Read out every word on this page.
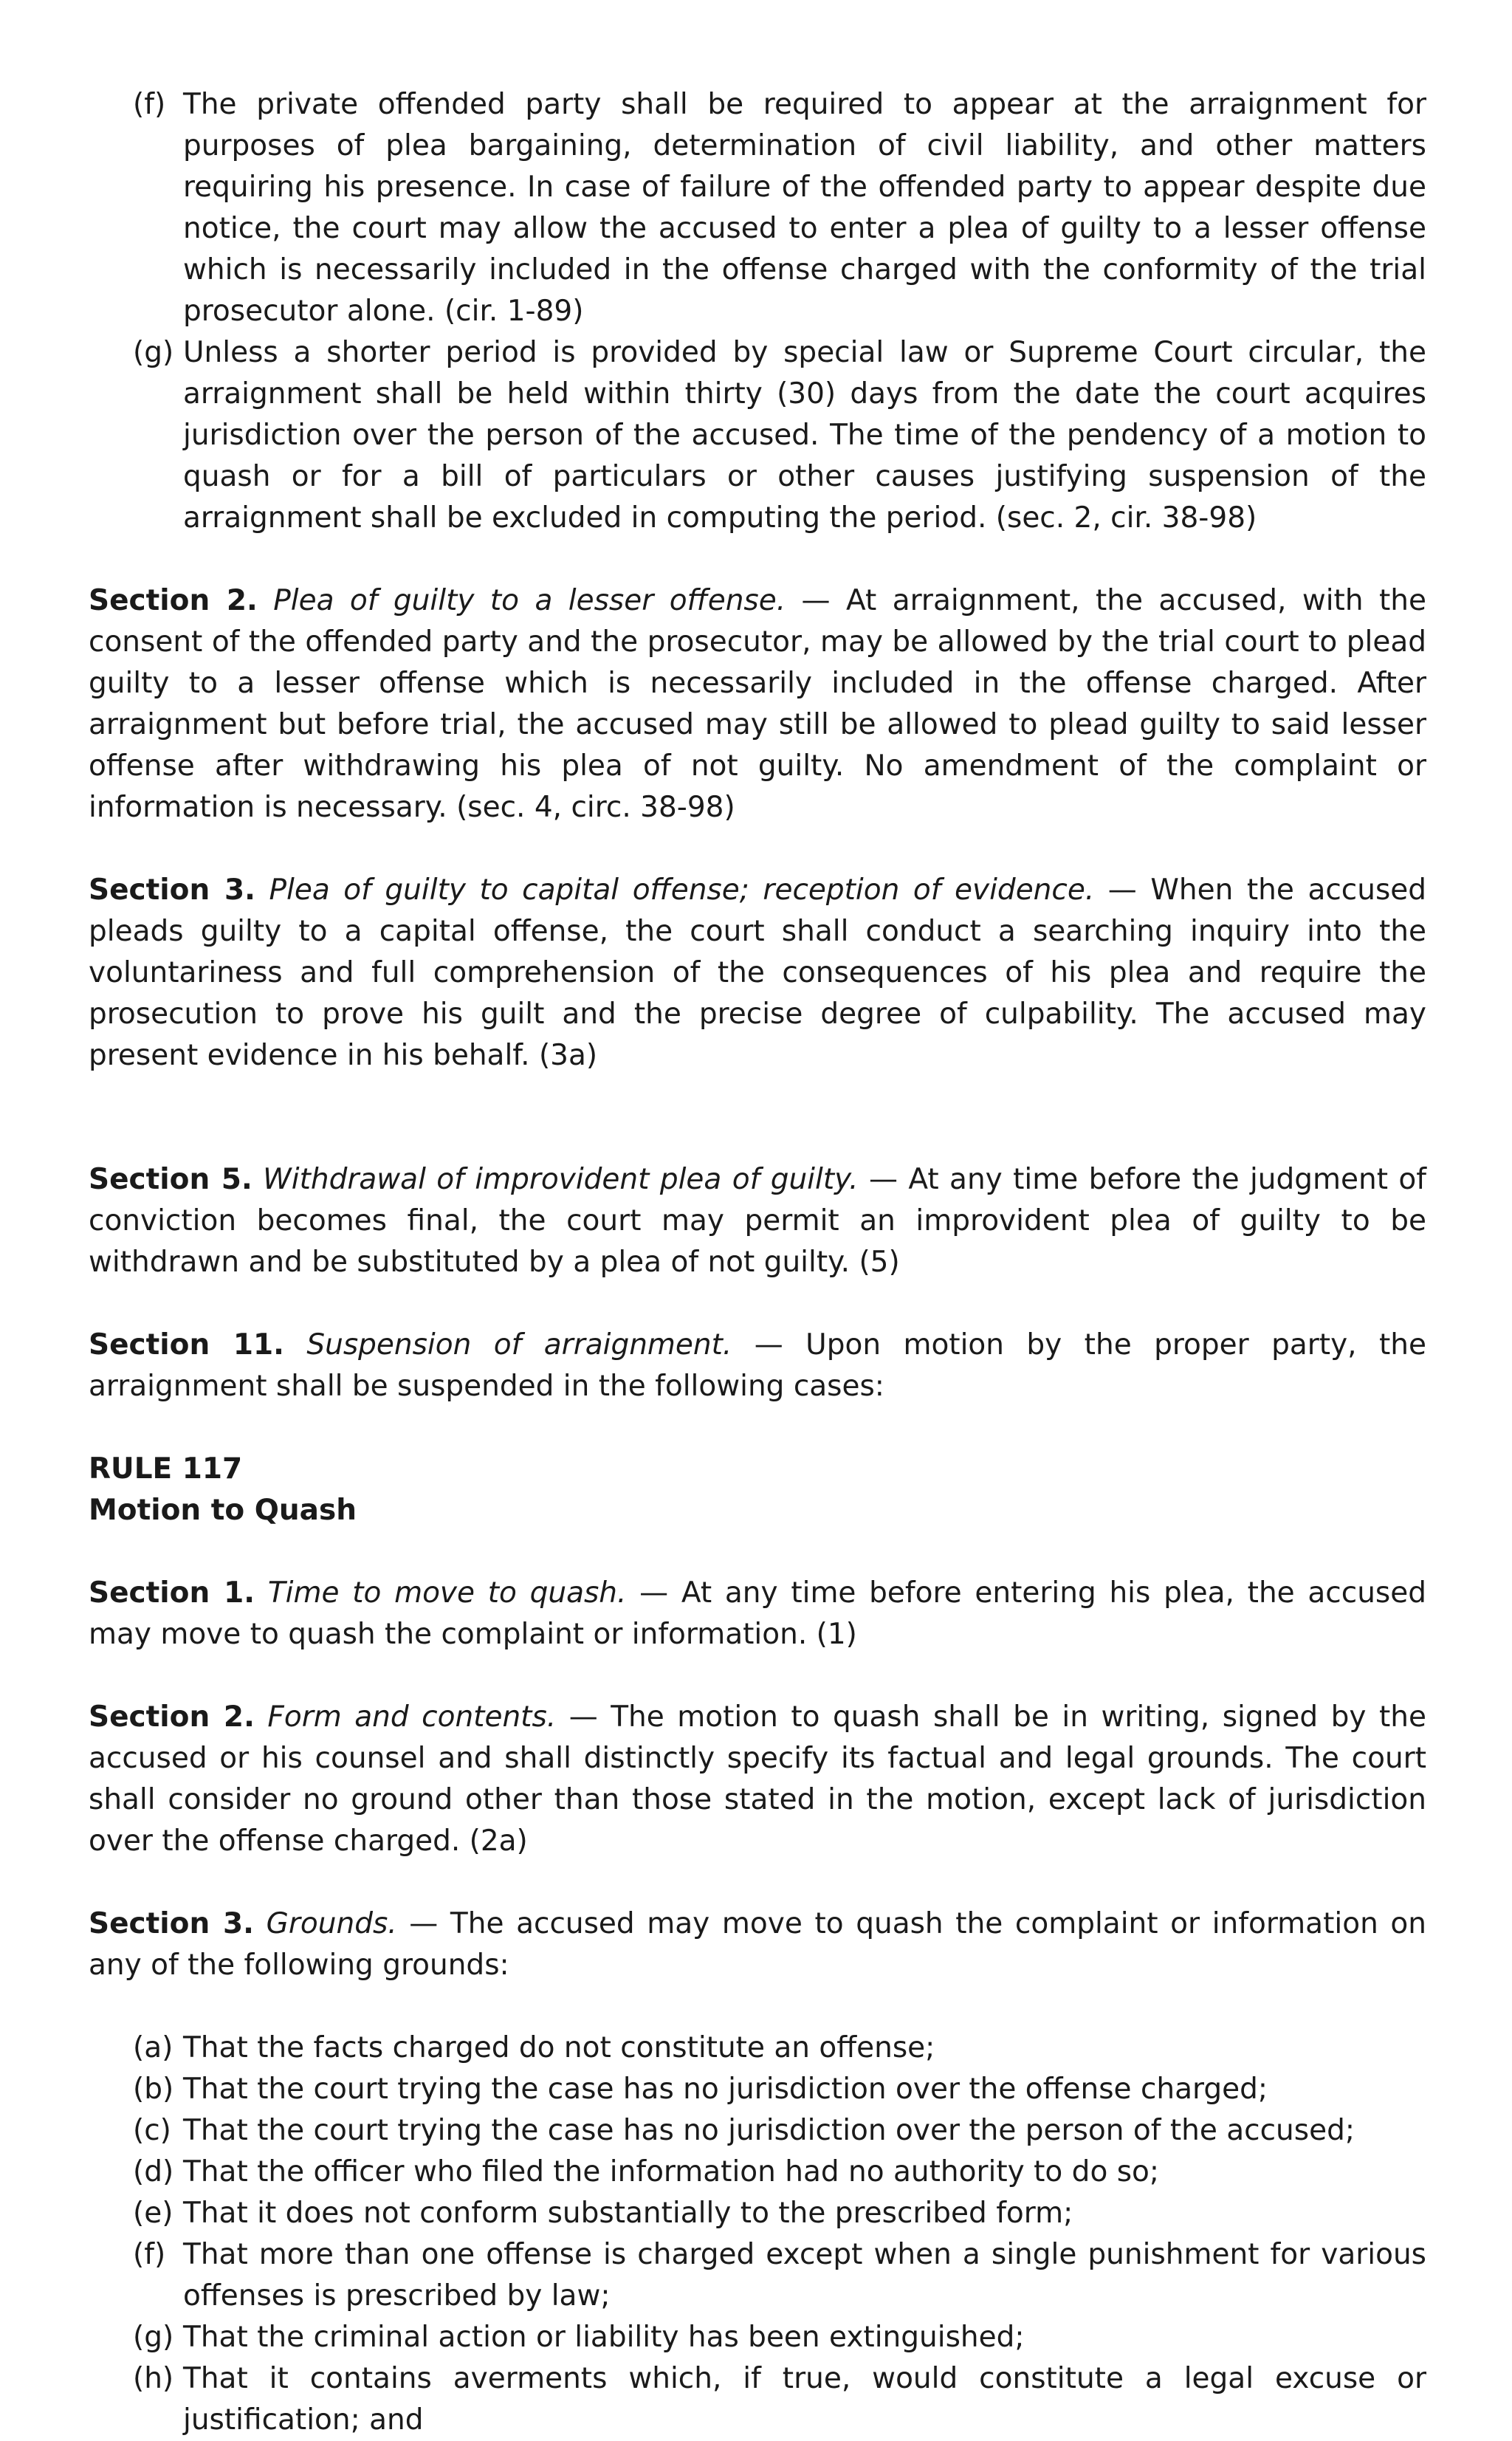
(f) The private offended party shall be required to appear at the arraignment for purposes of plea bargaining, determination of civil liability, and other matters requiring his presence. In case of failure of the offended party to appear despite due notice, the court may allow the accused to enter a plea of guilty to a lesser offense which is necessarily included in the offense charged with the conformity of the trial prosecutor alone. (cir. 1-89)
(g) Unless a shorter period is provided by special law or Supreme Court circular, the arraignment shall be held within thirty (30) days from the date the court acquires jurisdiction over the person of the accused. The time of the pendency of a motion to quash or for a bill of particulars or other causes justifying suspension of the arraignment shall be excluded in computing the period. (sec. 2, cir. 38-98)

Section 2. Plea of guilty to a lesser offense. — At arraignment, the accused, with the consent of the offended party and the prosecutor, may be allowed by the trial court to plead guilty to a lesser offense which is necessarily included in the offense charged. After arraignment but before trial, the accused may still be allowed to plead guilty to said lesser offense after withdrawing his plea of not guilty. No amendment of the complaint or information is necessary. (sec. 4, circ. 38-98)

Section 3. Plea of guilty to capital offense; reception of evidence. — When the accused pleads guilty to a capital offense, the court shall conduct a searching inquiry into the voluntariness and full comprehension of the consequences of his plea and require the prosecution to prove his guilt and the precise degree of culpability. The accused may present evidence in his behalf. (3a)

Section 5. Withdrawal of improvident plea of guilty. — At any time before the judgment of conviction becomes final, the court may permit an improvident plea of guilty to be withdrawn and be substituted by a plea of not guilty. (5)

Section 11. Suspension of arraignment. — Upon motion by the proper party, the arraignment shall be suspended in the following cases:

RULE 117

Motion to Quash

Section 1. Time to move to quash. — At any time before entering his plea, the accused may move to quash the complaint or information. (1)

Section 2. Form and contents. — The motion to quash shall be in writing, signed by the accused or his counsel and shall distinctly specify its factual and legal grounds. The court shall consider no ground other than those stated in the motion, except lack of jurisdiction over the offense charged. (2a)

Section 3. Grounds. — The accused may move to quash the complaint or information on any of the following grounds:

(a) That the facts charged do not constitute an offense;
(b) That the court trying the case has no jurisdiction over the offense charged;
(c) That the court trying the case has no jurisdiction over the person of the accused;
(d) That the officer who filed the information had no authority to do so;
(e) That it does not conform substantially to the prescribed form;
(f) That more than one offense is charged except when a single punishment for various offenses is prescribed by law;
(g) That the criminal action or liability has been extinguished;
(h) That it contains averments which, if true, would constitute a legal excuse or justification; and
